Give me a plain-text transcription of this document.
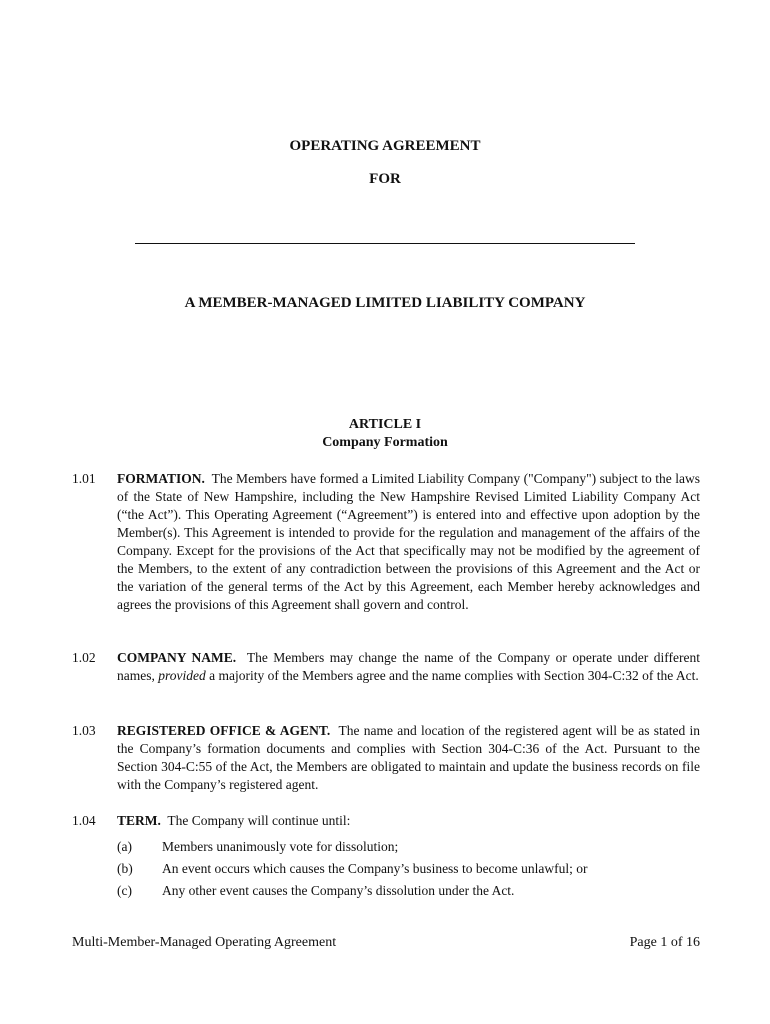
OPERATING AGREEMENT
FOR
A MEMBER-MANAGED LIMITED LIABILITY COMPANY
ARTICLE I
Company Formation
1.01	FORMATION. The Members have formed a Limited Liability Company ("Company") subject to the laws of the State of New Hampshire, including the New Hampshire Revised Limited Liability Company Act (“the Act”). This Operating Agreement (“Agreement”) is entered into and effective upon adoption by the Member(s). This Agreement is intended to provide for the regulation and management of the affairs of the Company. Except for the provisions of the Act that specifically may not be modified by the agreement of the Members, to the extent of any contradiction between the provisions of this Agreement and the Act or the variation of the general terms of the Act by this Agreement, each Member hereby acknowledges and agrees the provisions of this Agreement shall govern and control.
1.02	COMPANY NAME. The Members may change the name of the Company or operate under different names, provided a majority of the Members agree and the name complies with Section 304-C:32 of the Act.
1.03	REGISTERED OFFICE & AGENT. The name and location of the registered agent will be as stated in the Company’s formation documents and complies with Section 304-C:36 of the Act. Pursuant to the Section 304-C:55 of the Act, the Members are obligated to maintain and update the business records on file with the Company’s registered agent.
1.04	TERM. The Company will continue until:
(a) Members unanimously vote for dissolution;
(b) An event occurs which causes the Company’s business to become unlawful; or
(c) Any other event causes the Company’s dissolution under the Act.
Multi-Member-Managed Operating Agreement	Page 1 of 16
